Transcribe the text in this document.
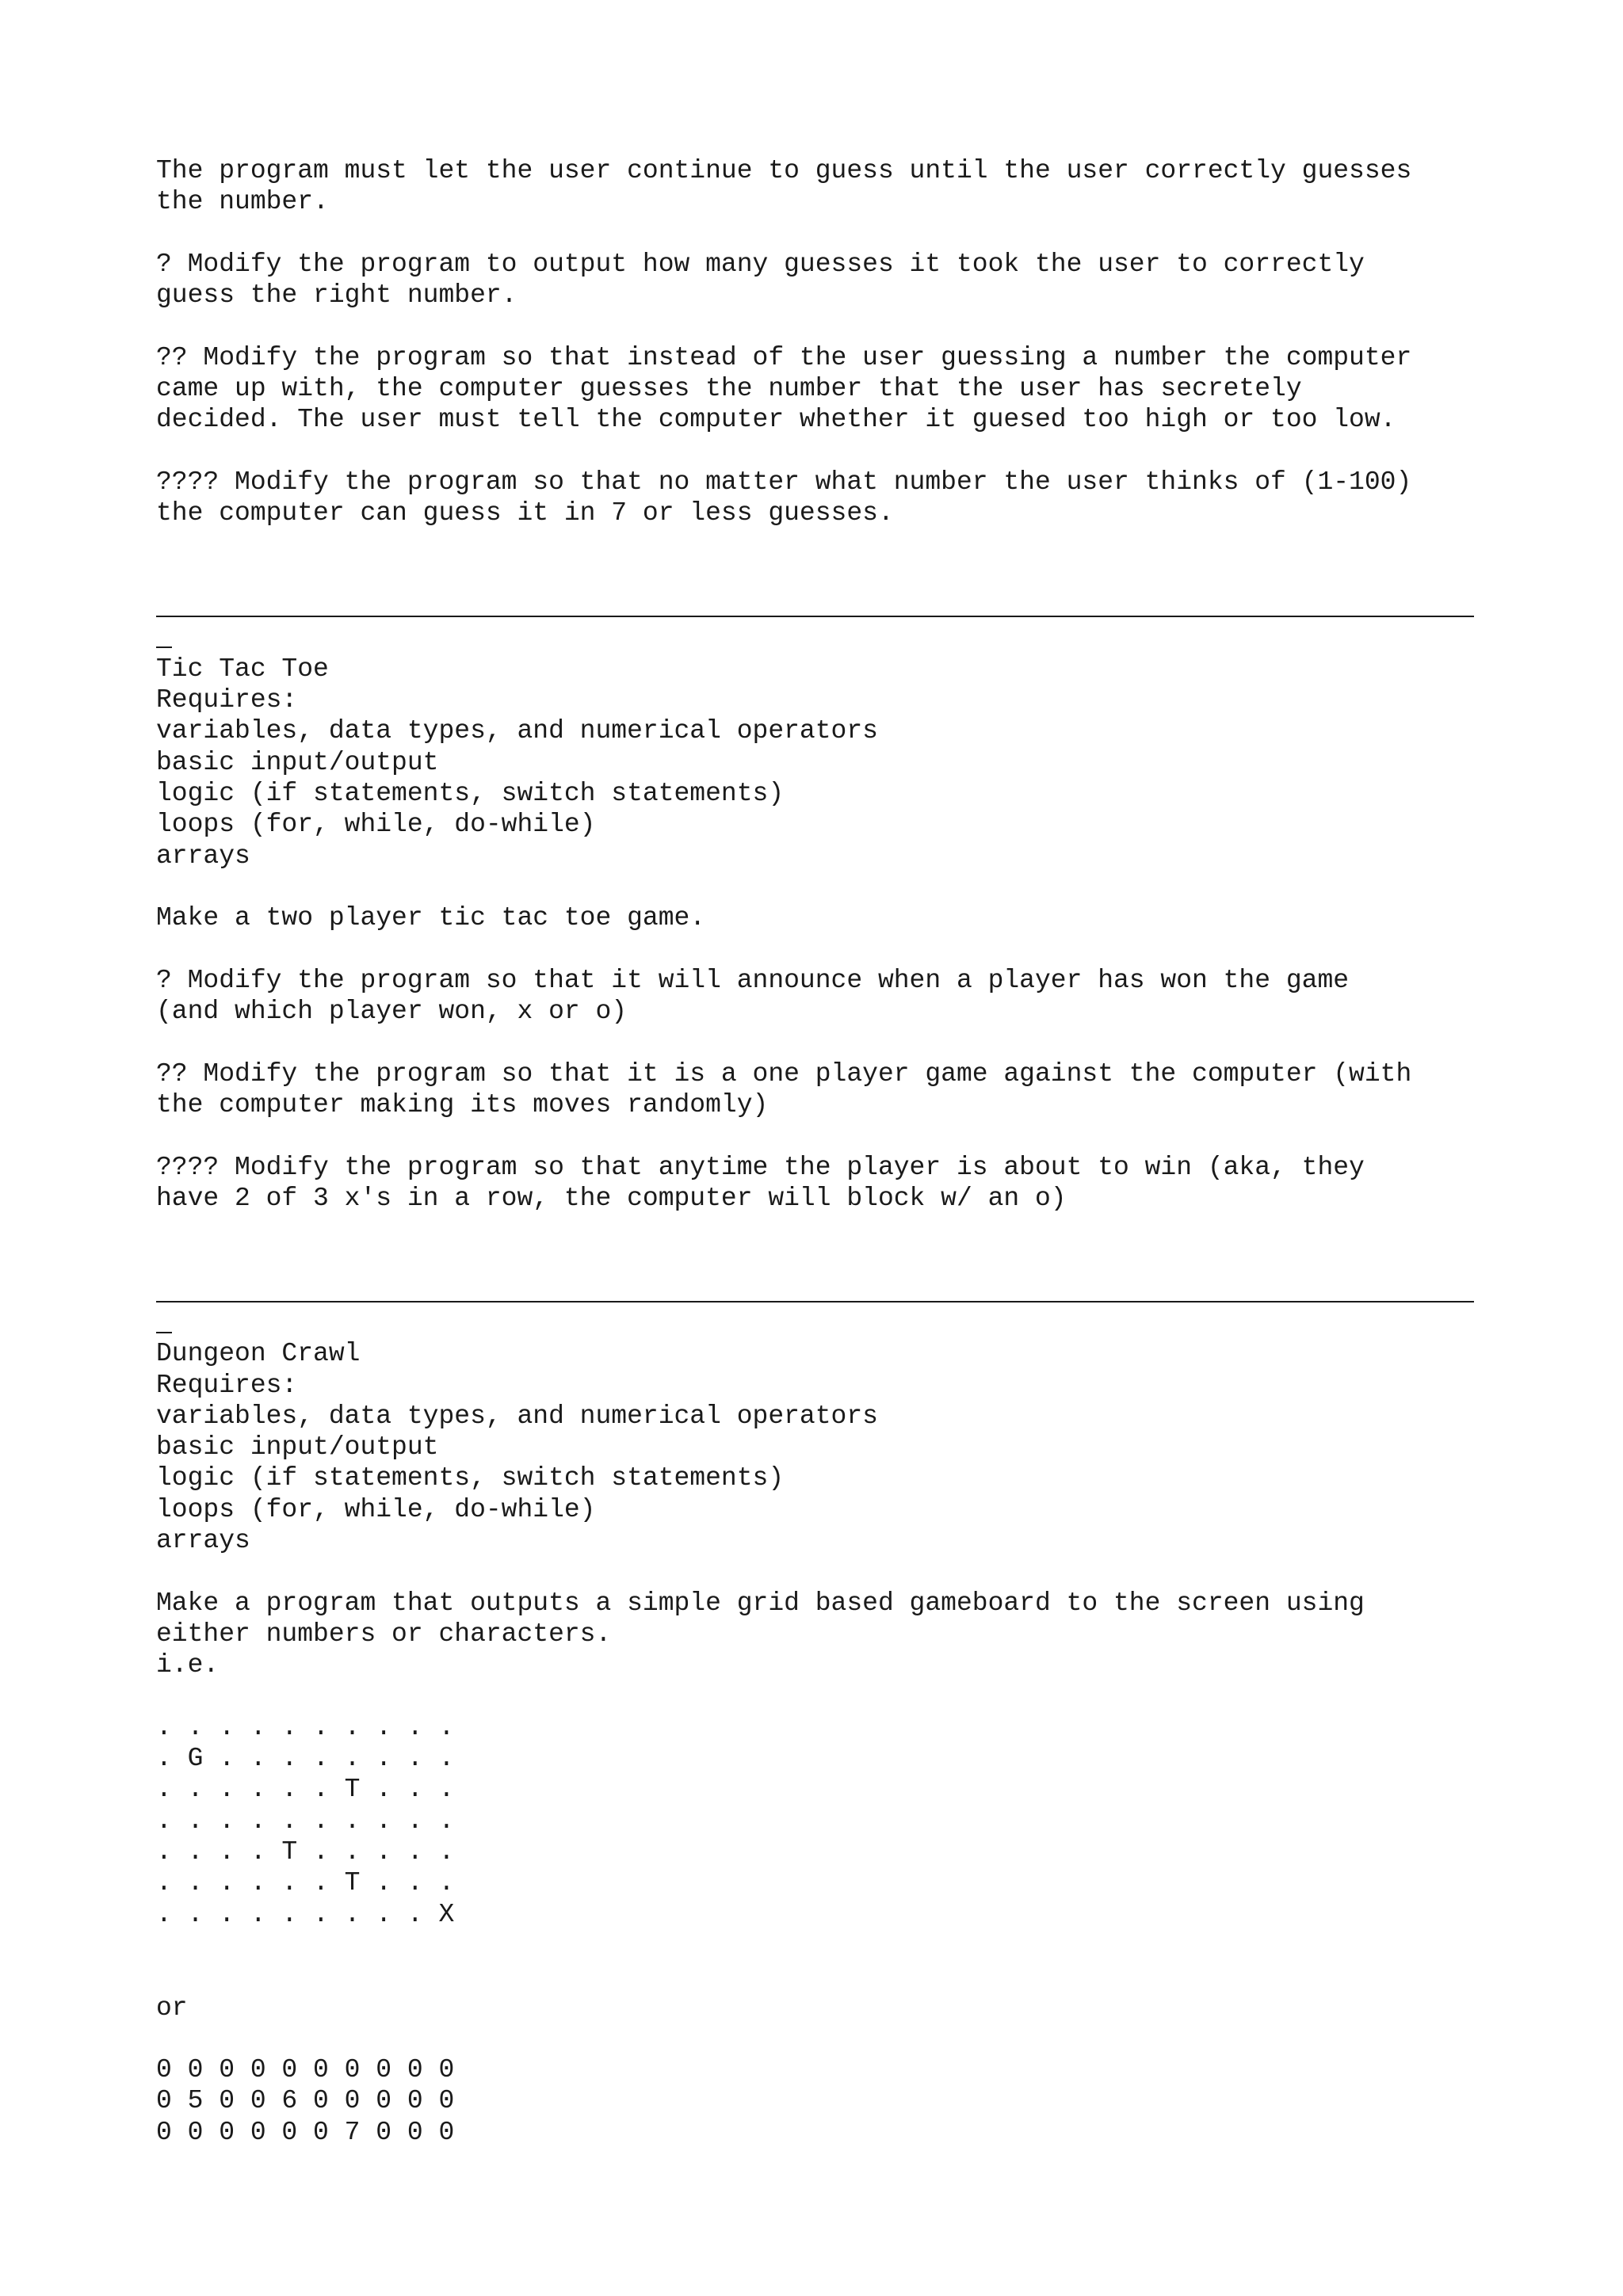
The program must let the user continue to guess until the user correctly guesses
the number.
? Modify the program to output how many guesses it took the user to correctly
guess the right number.
?? Modify the program so that instead of the user guessing a number the computer
came up with, the computer guesses the number that the user has secretely
decided. The user must tell the computer whether it guesed too high or too low.
???? Modify the program so that no matter what number the user thinks of (1-100)
the computer can guess it in 7 or less guesses.
Tic Tac Toe
Requires:
variables, data types, and numerical operators
basic input/output
logic (if statements, switch statements)
loops (for, while, do-while)
arrays
Make a two player tic tac toe game.
? Modify the program so that it will announce when a player has won the game
(and which player won, x or o)
?? Modify the program so that it is a one player game against the computer (with
the computer making its moves randomly)
???? Modify the program so that anytime the player is about to win (aka, they
have 2 of 3 x's in a row, the computer will block w/ an o)
Dungeon Crawl
Requires:
variables, data types, and numerical operators
basic input/output
logic (if statements, switch statements)
loops (for, while, do-while)
arrays
Make a program that outputs a simple grid based gameboard to the screen using
either numbers or characters.
i.e.
. . . . . . . . . .
. G . . . . . . . .
. . . . . . T . . .
. . . . . . . . . .
. . . . T . . . . .
. . . . . . T . . .
. . . . . . . . . X
or
0 0 0 0 0 0 0 0 0 0
0 5 0 0 6 0 0 0 0 0
0 0 0 0 0 0 7 0 0 0
